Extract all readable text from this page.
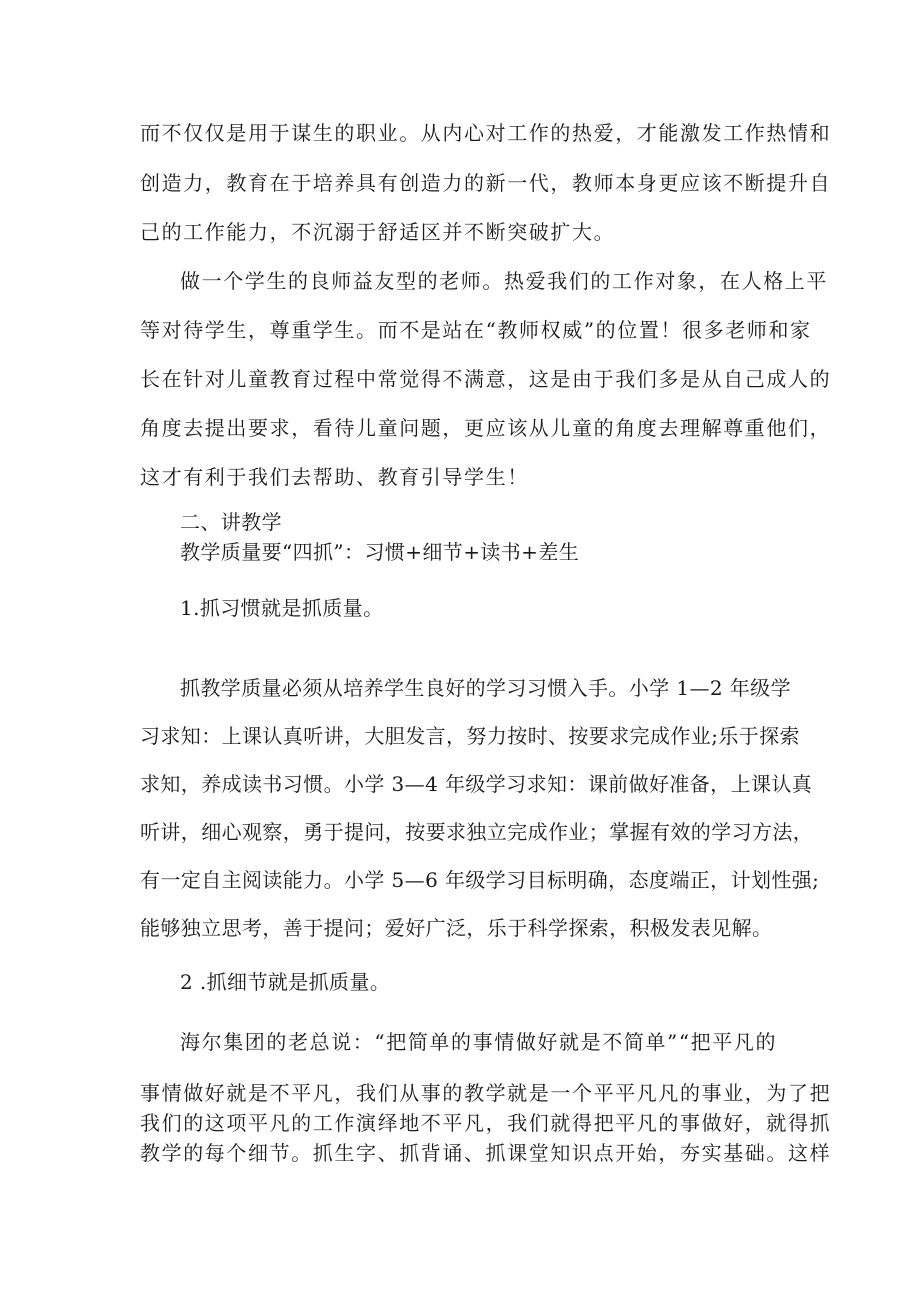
而不仅仅是用于谋生的职业。从内心对工作的热爱，才能激发工作热情和
创造力，教育在于培养具有创造力的新一代，教师本身更应该不断提升自
己的工作能力，不沉溺于舒适区并不断突破扩大。
做一个学生的良师益友型的老师。热爱我们的工作对象，在人格上平
等对待学生，尊重学生。而不是站在“教师权威”的位置！很多老师和家
长在针对儿童教育过程中常觉得不满意，这是由于我们多是从自己成人的
角度去提出要求，看待儿童问题，更应该从儿童的角度去理解尊重他们，
这才有利于我们去帮助、教育引导学生！
二、讲教学
教学质量要“四抓”：习惯+细节+读书+差生
1.抓习惯就是抓质量。
抓教学质量必须从培养学生良好的学习习惯入手。小学 1—2 年级学
习求知：上课认真听讲，大胆发言，努力按时、按要求完成作业;乐于探索
求知，养成读书习惯。小学 3—4 年级学习求知：课前做好准备，上课认真
听讲，细心观察，勇于提问，按要求独立完成作业；掌握有效的学习方法，
有一定自主阅读能力。小学 5—6 年级学习目标明确，态度端正，计划性强;
能够独立思考，善于提问；爱好广泛，乐于科学探索，积极发表见解。
2 .抓细节就是抓质量。
海尔集团的老总说：“把简单的事情做好就是不简单”“把平凡的
事情做好就是不平凡，我们从事的教学就是一个平平凡凡的事业，为了把
我们的这项平凡的工作演绎地不平凡，我们就得把平凡的事做好，就得抓
教学的每个细节。抓生字、抓背诵、抓课堂知识点开始，夯实基础。这样
